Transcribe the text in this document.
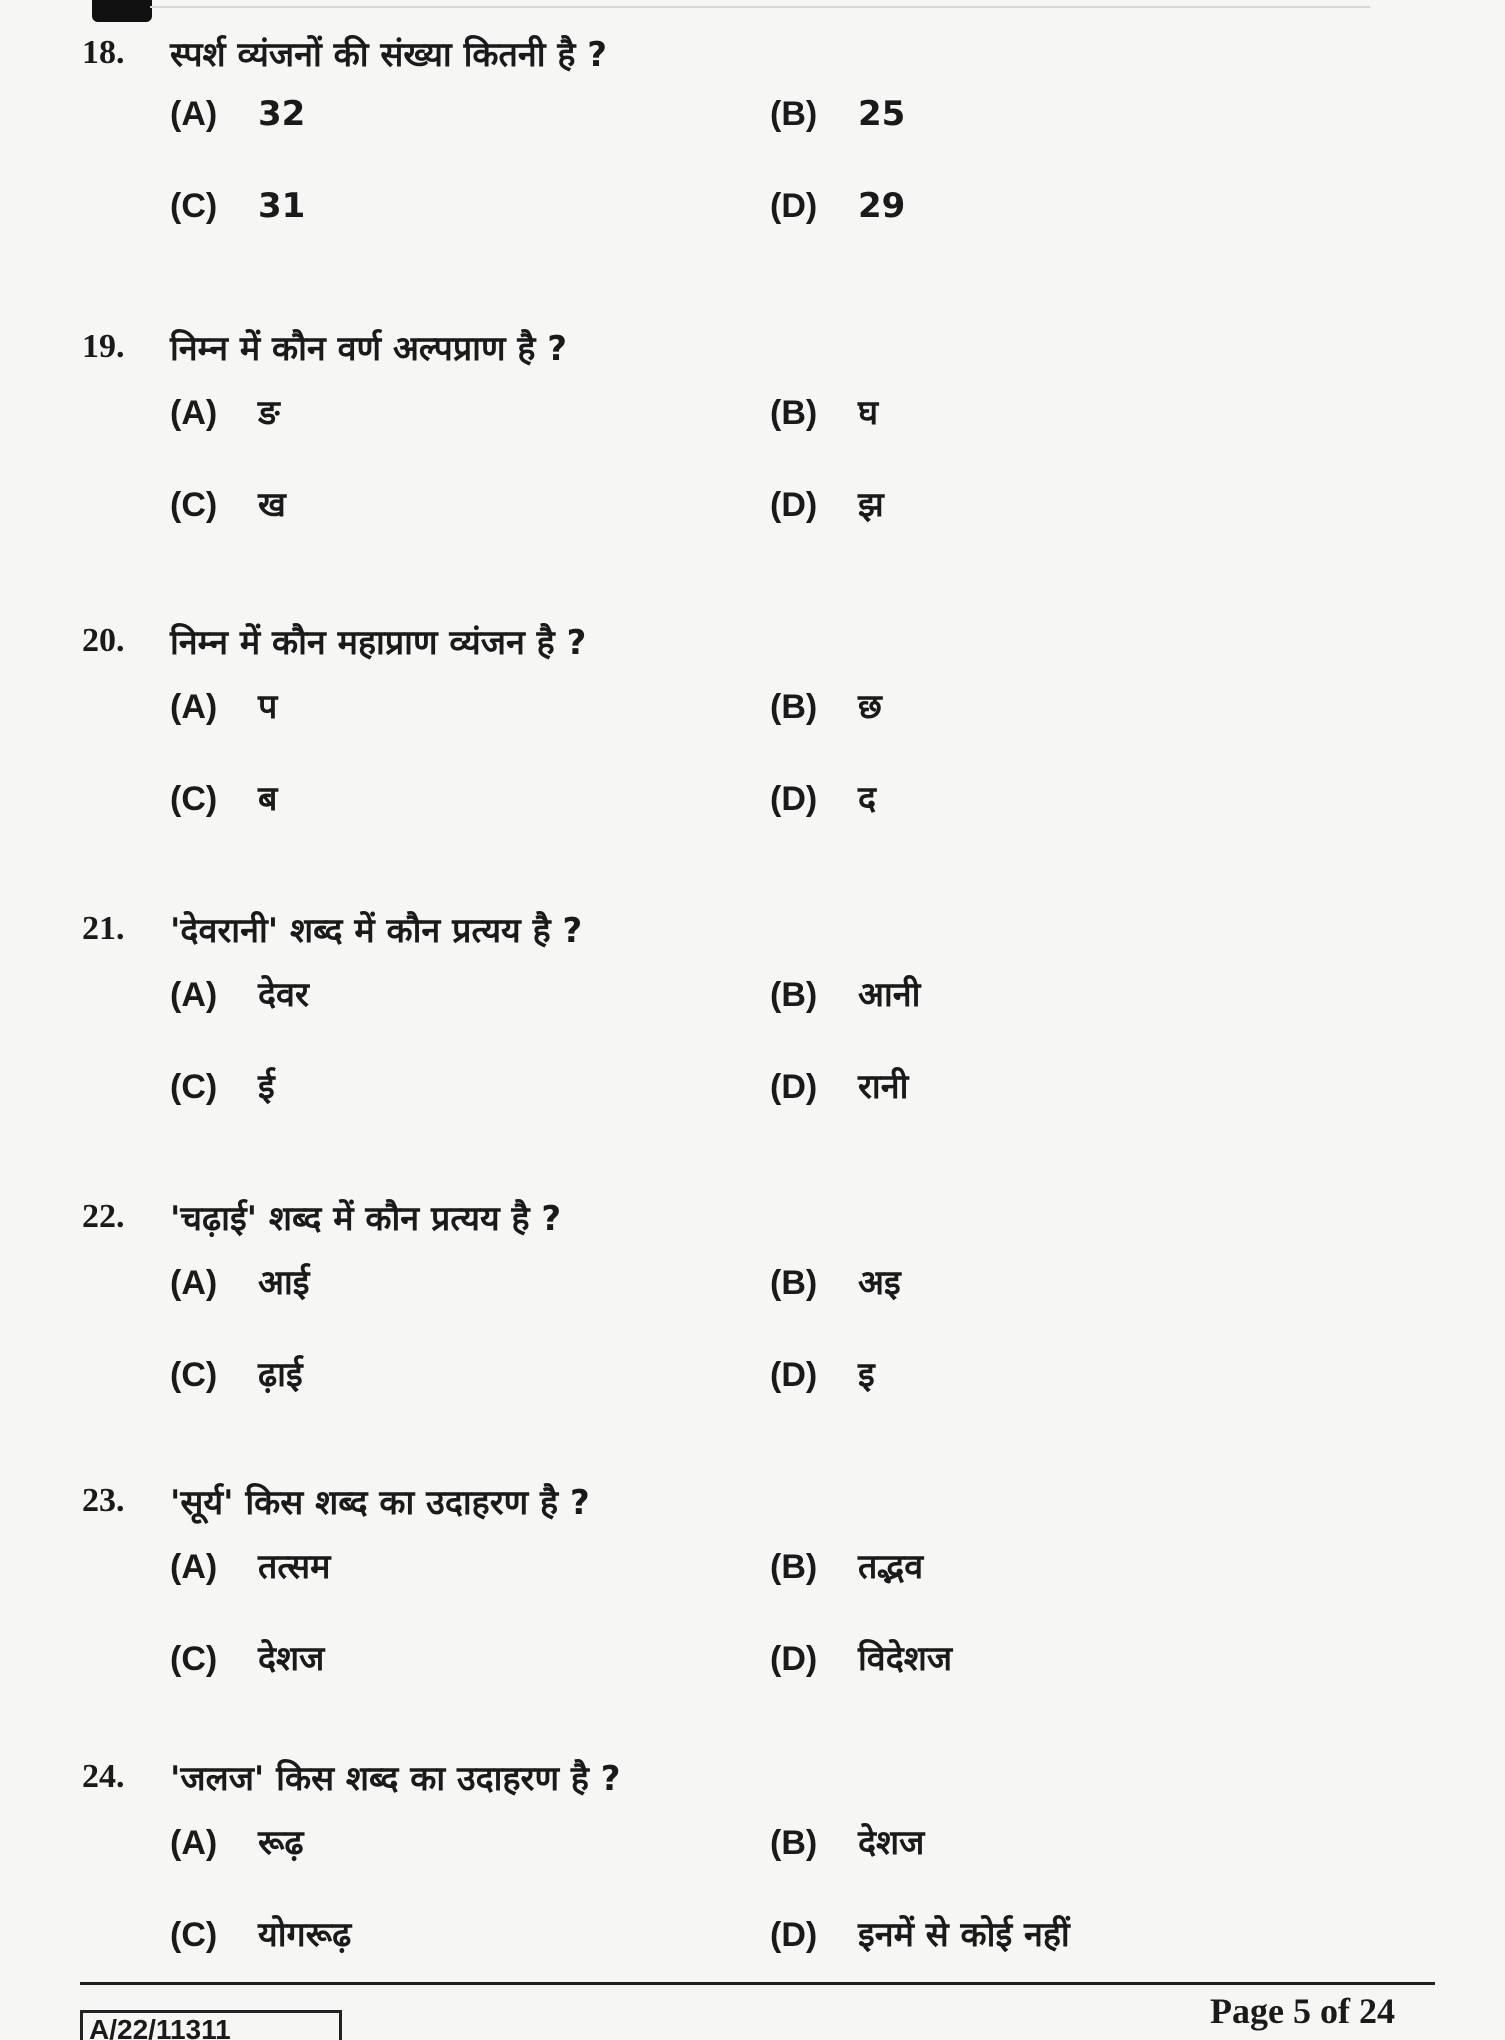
18. स्पर्श व्यंजनों की संख्या कितनी है ?
(A) 32	(B) 25
(C) 31	(D) 29
19. निम्न में कौन वर्ण अल्पप्राण है ?
(A) ङ	(B) घ
(C) ख	(D) झ
20. निम्न में कौन महाप्राण व्यंजन है ?
(A) प	(B) छ
(C) ब	(D) द
21. 'देवरानी' शब्द में कौन प्रत्यय है ?
(A) देवर	(B) आनी
(C) ई	(D) रानी
22. 'चढ़ाई' शब्द में कौन प्रत्यय है ?
(A) आई	(B) अइ
(C) ढ़ाई	(D) इ
23. 'सूर्य' किस शब्द का उदाहरण है ?
(A) तत्सम	(B) तद्भव
(C) देशज	(D) विदेशज
24. 'जलज' किस शब्द का उदाहरण है ?
(A) रूढ़	(B) देशज
(C) योगरूढ़	(D) इनमें से कोई नहीं
A/22/11311	Page 5 of 24
